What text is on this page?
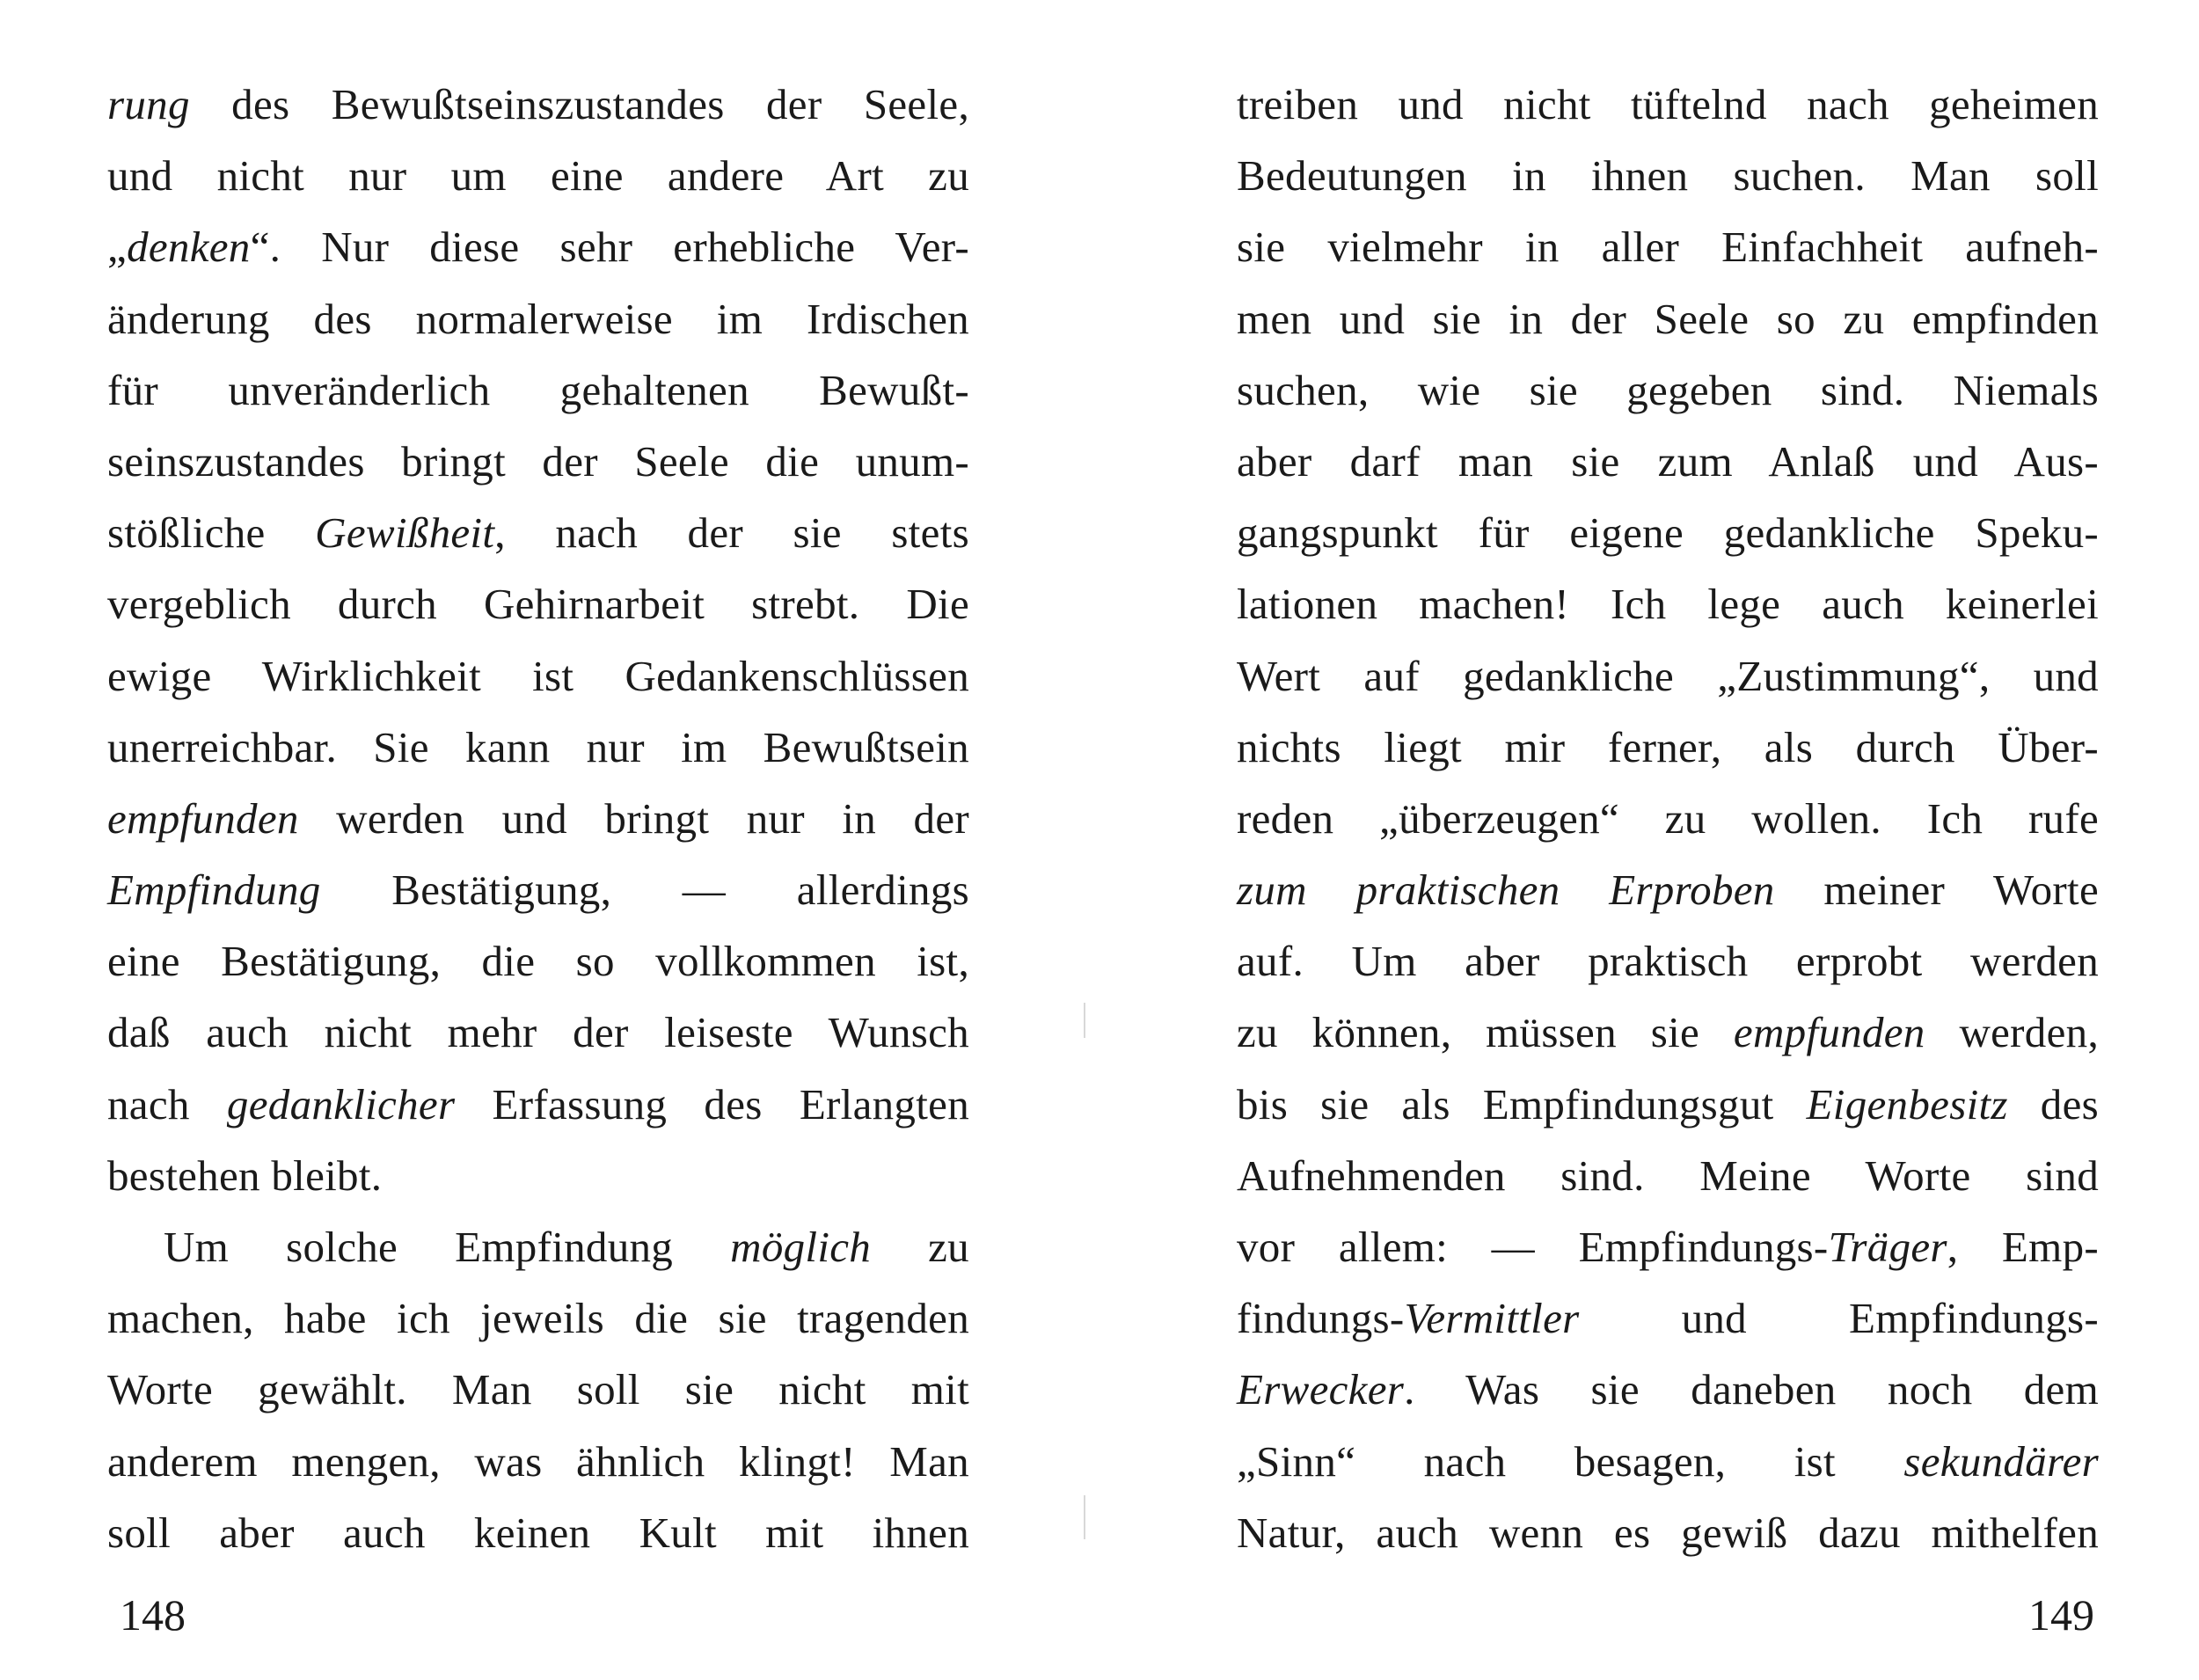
rung des Bewußtseinszustandes der Seele,
und nicht nur um eine andere Art zu
„denken“. Nur diese sehr erhebliche Ver-
änderung des normalerweise im Irdischen
für unveränderlich gehaltenen Bewußt-
seinszustandes bringt der Seele die unum-
stößliche Gewißheit, nach der sie stets
vergeblich durch Gehirnarbeit strebt. Die
ewige Wirklichkeit ist Gedankenschlüssen
unerreichbar. Sie kann nur im Bewußtsein
empfunden werden und bringt nur in der
Empfindung Bestätigung, — allerdings
eine Bestätigung, die so vollkommen ist,
daß auch nicht mehr der leiseste Wunsch
nach gedanklicher Erfassung des Erlangten
bestehen bleibt.
Um solche Empfindung möglich zu
machen, habe ich jeweils die sie tragenden
Worte gewählt. Man soll sie nicht mit
anderem mengen, was ähnlich klingt! Man
soll aber auch keinen Kult mit ihnen
treiben und nicht tüftelnd nach geheimen
Bedeutungen in ihnen suchen. Man soll
sie vielmehr in aller Einfachheit aufneh-
men und sie in der Seele so zu empfinden
suchen, wie sie gegeben sind. Niemals
aber darf man sie zum Anlaß und Aus-
gangspunkt für eigene gedankliche Speku-
lationen machen! Ich lege auch keinerlei
Wert auf gedankliche „Zustimmung“, und
nichts liegt mir ferner, als durch Über-
reden „überzeugen“ zu wollen. Ich rufe
zum praktischen Erproben meiner Worte
auf. Um aber praktisch erprobt werden
zu können, müssen sie empfunden werden,
bis sie als Empfindungsgut Eigenbesitz des
Aufnehmenden sind. Meine Worte sind
vor allem: — Empfindungs-Träger, Emp-
findungs-Vermittler und Empfindungs-
Erwecker. Was sie daneben noch dem
„Sinn“ nach besagen, ist sekundärer
Natur, auch wenn es gewiß dazu mithelfen
148	149
